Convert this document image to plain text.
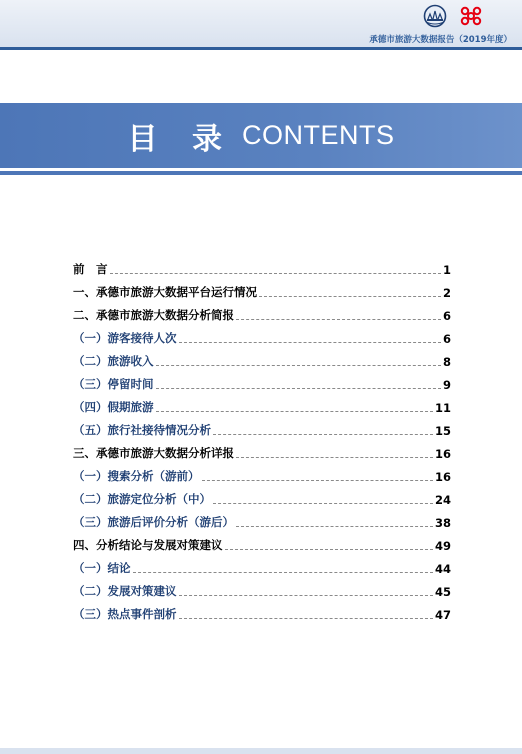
承德市旅游大数据报告（2019年度）
目 录 CONTENTS
前　言	1
一、承德市旅游大数据平台运行情况	2
二、承德市旅游大数据分析简报	6
（一）游客接待人次	6
（二）旅游收入	8
（三）停留时间	9
（四）假期旅游	11
（五）旅行社接待情况分析	15
三、承德市旅游大数据分析详报	16
（一）搜索分析（游前）	16
（二）旅游定位分析（中）	24
（三）旅游后评价分析（游后）	38
四、分析结论与发展对策建议	49
（一）结论	44
（二）发展对策建议	45
（三）热点事件剖析	47
